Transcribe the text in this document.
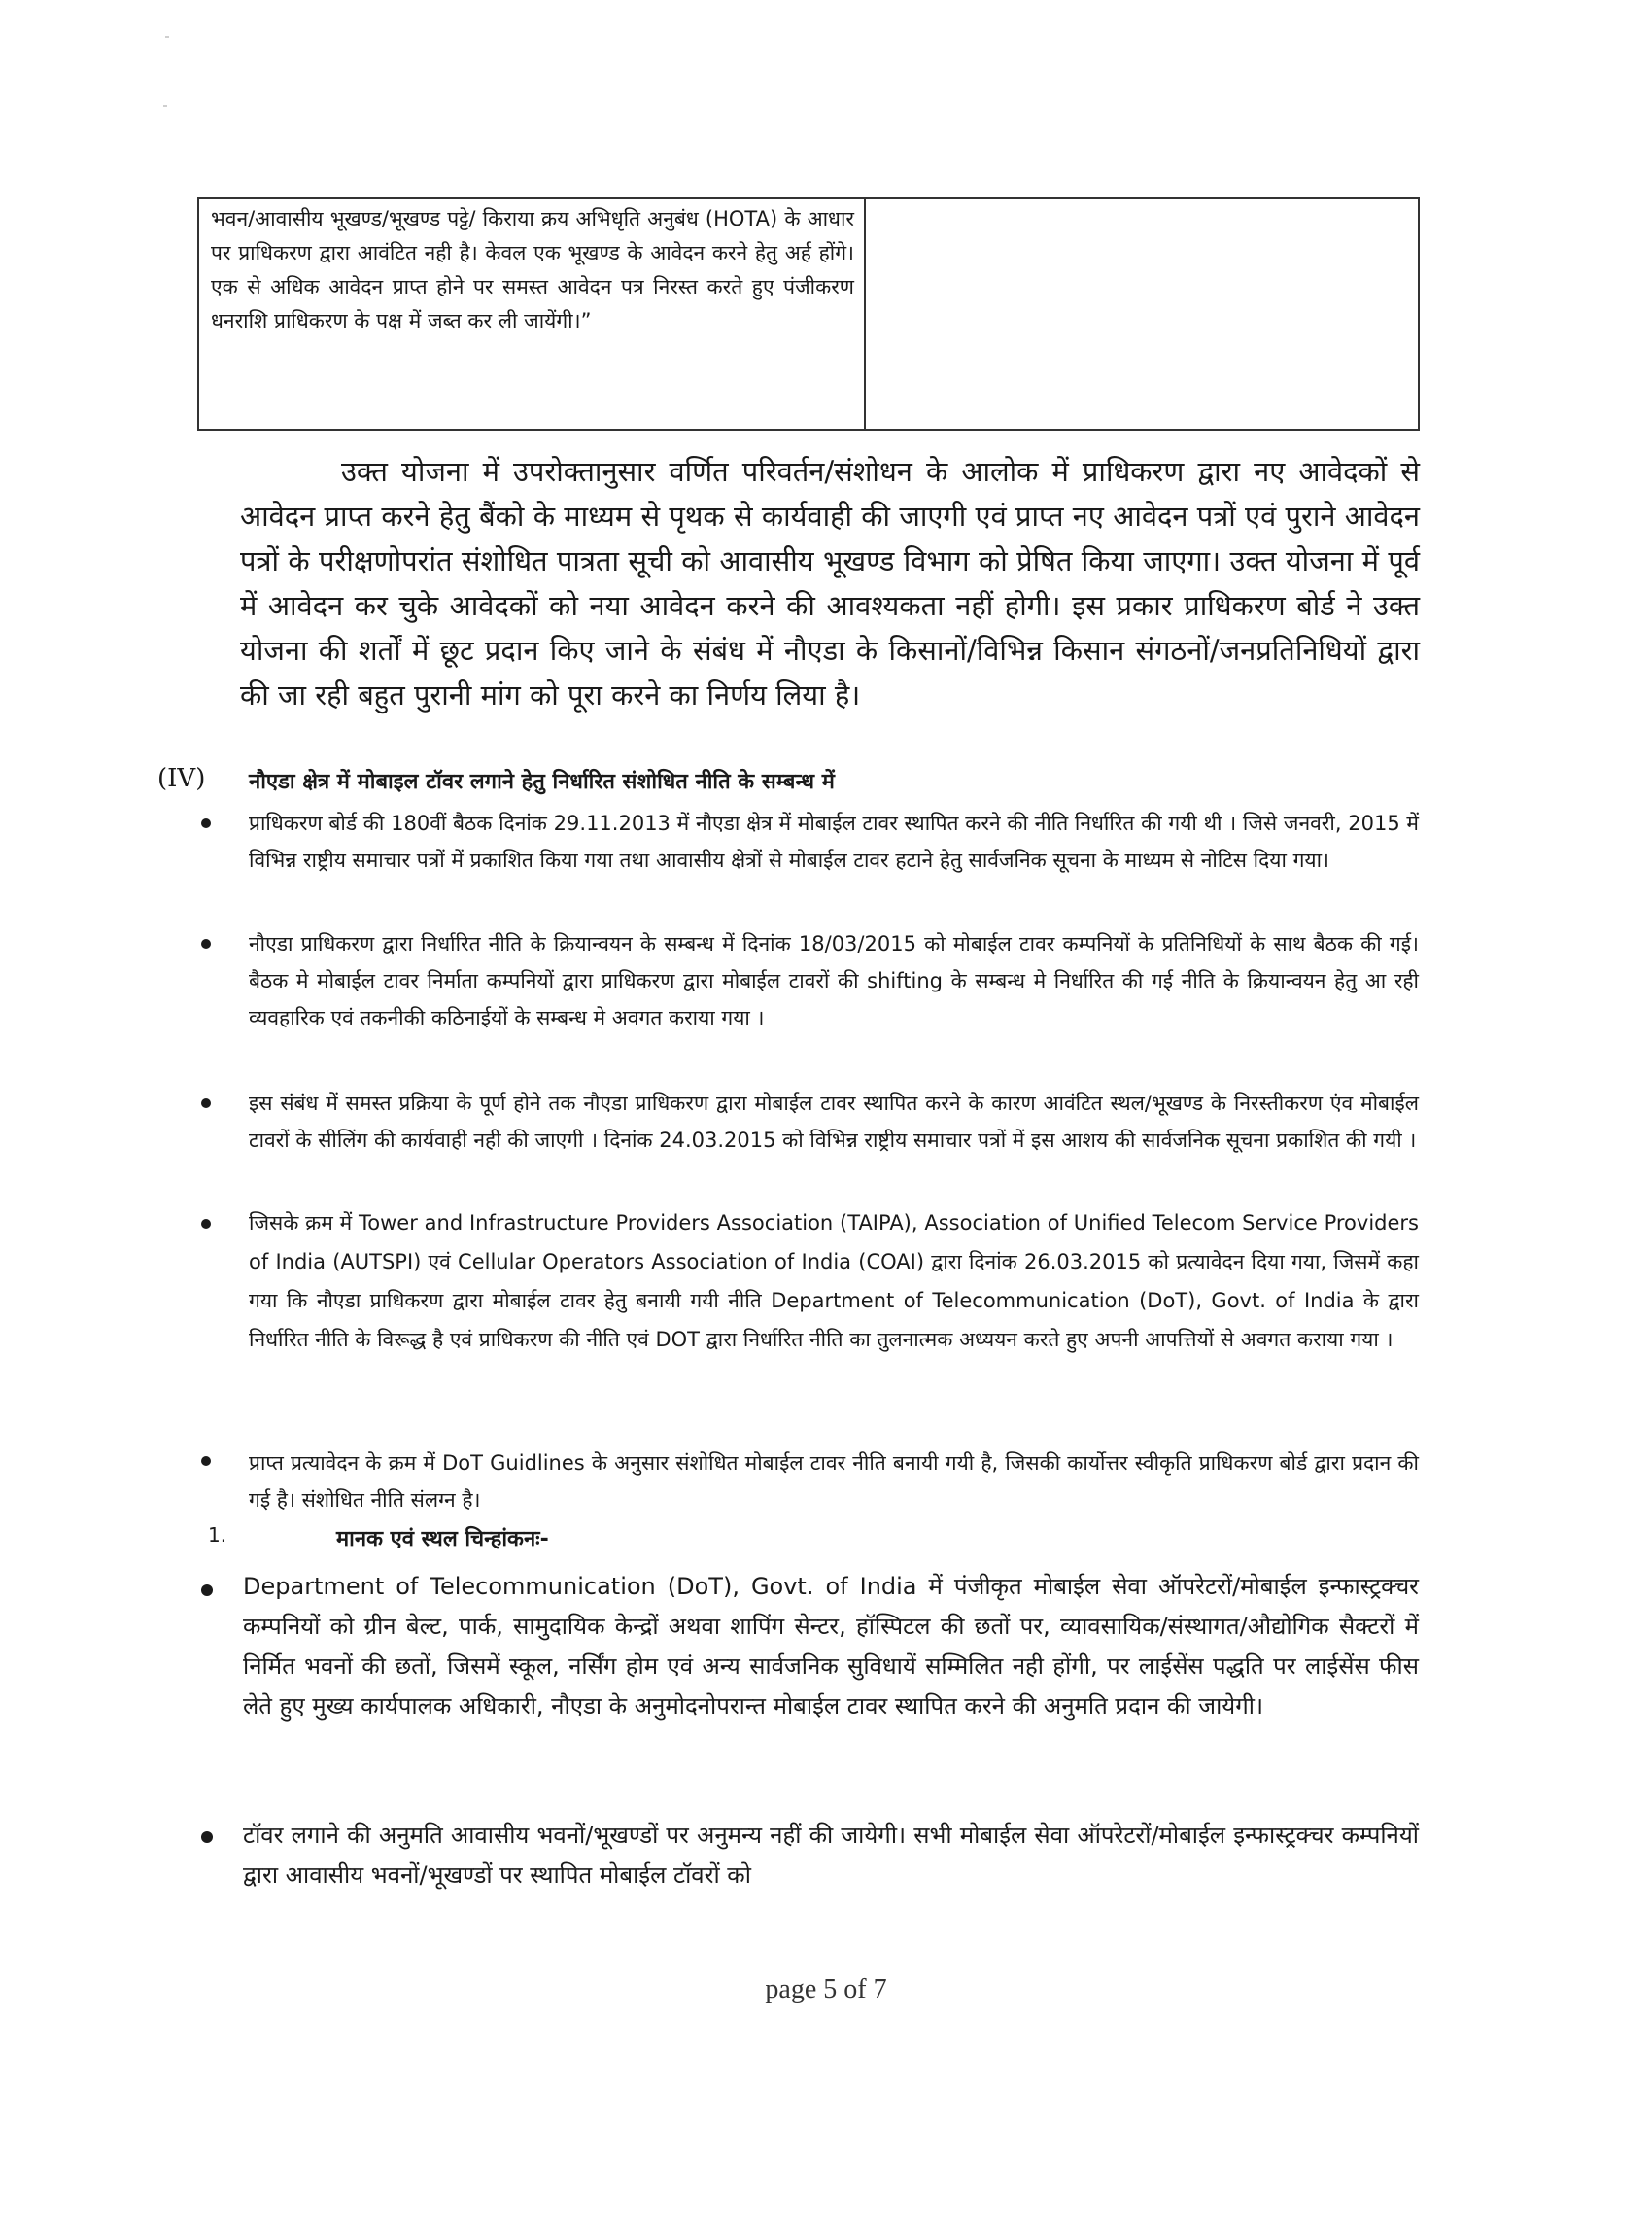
भवन/आवासीय भूखण्ड/भूखण्ड पट्टे/ किराया क्रय अभिधृति अनुबंध (HOTA) के आधार पर प्राधिकरण द्वारा आवंटित नही है। केवल एक भूखण्ड के आवेदन करने हेतु अर्ह होंगे। एक से अधिक आवेदन प्राप्त होने पर समस्त आवेदन पत्र निरस्त करते हुए पंजीकरण धनराशि प्राधिकरण के पक्ष में जब्त कर ली जायेंगी।”

उक्त योजना में उपरोक्तानुसार वर्णित परिवर्तन/संशोधन के आलोक में प्राधिकरण द्वारा नए आवेदकों से आवेदन प्राप्त करने हेतु बैंको के माध्यम से पृथक से कार्यवाही की जाएगी एवं प्राप्त नए आवेदन पत्रों एवं पुराने आवेदन पत्रों के परीक्षणोपरांत संशोधित पात्रता सूची को आवासीय भूखण्ड विभाग को प्रेषित किया जाएगा। उक्त योजना में पूर्व में आवेदन कर चुके आवेदकों को नया आवेदन करने की आवश्यकता नहीं होगी। इस प्रकार प्राधिकरण बोर्ड ने उक्त योजना की शर्तों में छूट प्रदान किए जाने के संबंध में नौएडा के किसानों/विभिन्न किसान संगठनों/जनप्रतिनिधियों द्वारा की जा रही बहुत पुरानी मांग को पूरा करने का निर्णय लिया है।

(IV) नौएडा क्षेत्र में मोबाइल टॉवर लगाने हेतु निर्धारित संशोधित नीति के सम्बन्ध में

प्राधिकरण बोर्ड की 180वीं बैठक दिनांक 29.11.2013 में नौएडा क्षेत्र में मोबाईल टावर स्थापित करने की नीति निर्धारित की गयी थी । जिसे जनवरी, 2015 में विभिन्न राष्ट्रीय समाचार पत्रों में प्रकाशित किया गया तथा आवासीय क्षेत्रों से मोबाईल टावर हटाने हेतु सार्वजनिक सूचना के माध्यम से नोटिस दिया गया।

नौएडा प्राधिकरण द्वारा निर्धारित नीति के क्रियान्वयन के सम्बन्ध में दिनांक 18/03/2015 को मोबाईल टावर कम्पनियों के प्रतिनिधियों के साथ बैठक की गई। बैठक मे मोबाईल टावर निर्माता कम्पनियों द्वारा प्राधिकरण द्वारा मोबाईल टावरों की shifting के सम्बन्ध मे निर्धारित की गई नीति के क्रियान्वयन हेतु आ रही व्यवहारिक एवं तकनीकी कठिनाईयों के सम्बन्ध मे अवगत कराया गया ।

इस संबंध में समस्त प्रक्रिया के पूर्ण होने तक नौएडा प्राधिकरण द्वारा मोबाईल टावर स्थापित करने के कारण आवंटित स्थल/भूखण्ड के निरस्तीकरण एंव मोबाईल टावरों के सीलिंग की कार्यवाही नही की जाएगी । दिनांक 24.03.2015 को विभिन्न राष्ट्रीय समाचार पत्रों में इस आशय की सार्वजनिक सूचना प्रकाशित की गयी ।

जिसके क्रम में Tower and Infrastructure Providers Association (TAIPA), Association of Unified Telecom Service Providers of India (AUTSPI) एवं Cellular Operators Association of India (COAI) द्वारा दिनांक 26.03.2015 को प्रत्यावेदन दिया गया, जिसमें कहा गया कि नौएडा प्राधिकरण द्वारा मोबाईल टावर हेतु बनायी गयी नीति Department of Telecommunication (DoT), Govt. of India के द्वारा निर्धारित नीति के विरूद्ध है एवं प्राधिकरण की नीति एवं DOT द्वारा निर्धारित नीति का तुलनात्मक अध्ययन करते हुए अपनी आपत्तियों से अवगत कराया गया ।

प्राप्त प्रत्यावेदन के क्रम में DoT Guidlines के अनुसार संशोधित मोबाईल टावर नीति बनायी गयी है, जिसकी कार्योत्तर स्वीकृति प्राधिकरण बोर्ड द्वारा प्रदान की गई है। संशोधित नीति संलग्न है।

1.	मानक एवं स्थल चिन्हांकनः-

Department of Telecommunication (DoT), Govt. of India में पंजीकृत मोबाईल सेवा ऑपरेटरों/मोबाईल इन्फास्ट्रक्चर कम्पनियों को ग्रीन बेल्ट, पार्क, सामुदायिक केन्द्रों अथवा शापिंग सेन्टर, हॉस्पिटल की छतों पर, व्यावसायिक/संस्थागत/औद्योगिक सैक्टरों में निर्मित भवनों की छतों, जिसमें स्कूल, नर्सिंग होम एवं अन्य सार्वजनिक सुविधायें सम्मिलित नही होंगी, पर लाईसेंस पद्धति पर लाईसेंस फीस लेते हुए मुख्य कार्यपालक अधिकारी, नौएडा के अनुमोदनोपरान्त मोबाईल टावर स्थापित करने की अनुमति प्रदान की जायेगी।

टॉवर लगाने की अनुमति आवासीय भवनों/भूखण्डों पर अनुमन्य नहीं की जायेगी। सभी मोबाईल सेवा ऑपरेटरों/मोबाईल इन्फास्ट्रक्चर कम्पनियों द्वारा आवासीय भवनों/भूखण्डों पर स्थापित मोबाईल टॉवरों को

page 5 of 7
